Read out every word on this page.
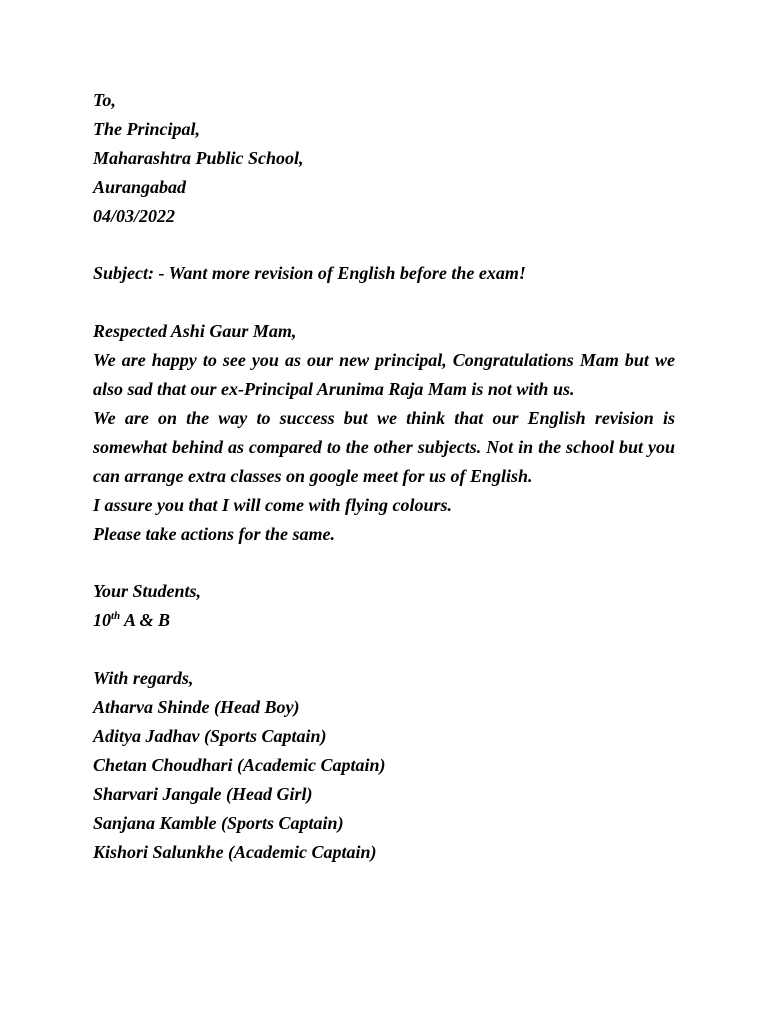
To,
The Principal,
Maharashtra Public School,
Aurangabad
04/03/2022
Subject: - Want more revision of English before the exam!
Respected Ashi Gaur Mam,
We are happy to see you as our new principal, Congratulations Mam but we also sad that our ex-Principal Arunima Raja Mam is not with us.
We are on the way to success but we think that our English revision is somewhat behind as compared to the other subjects. Not in the school but you can arrange extra classes on google meet for us of English.
I assure you that I will come with flying colours.
Please take actions for the same.
Your Students,
10th A & B
With regards,
Atharva Shinde (Head Boy)
Aditya Jadhav (Sports Captain)
Chetan Choudhari (Academic Captain)
Sharvari Jangale (Head Girl)
Sanjana Kamble (Sports Captain)
Kishori Salunkhe (Academic Captain)
